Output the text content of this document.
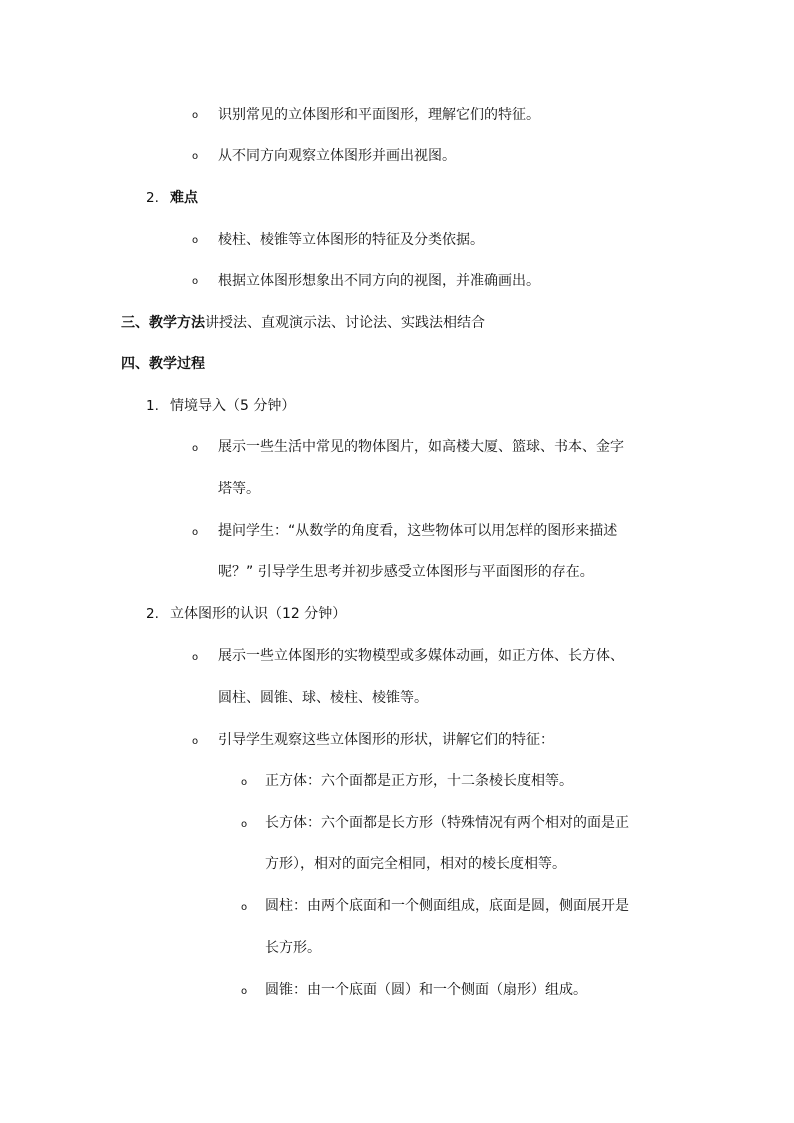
o 识别常见的立体图形和平面图形，理解它们的特征。
o 从不同方向观察立体图形并画出视图。
2. 难点
o 棱柱、棱锥等立体图形的特征及分类依据。
o 根据立体图形想象出不同方向的视图，并准确画出。
三、教学方法讲授法、直观演示法、讨论法、实践法相结合
四、教学过程
1. 情境导入（5 分钟）
o 展示一些生活中常见的物体图片，如高楼大厦、篮球、书本、金字
塔等。
o 提问学生：“从数学的角度看，这些物体可以用怎样的图形来描述
呢？” 引导学生思考并初步感受立体图形与平面图形的存在。
2. 立体图形的认识（12 分钟）
o 展示一些立体图形的实物模型或多媒体动画，如正方体、长方体、
圆柱、圆锥、球、棱柱、棱锥等。
o 引导学生观察这些立体图形的形状，讲解它们的特征：
o 正方体：六个面都是正方形，十二条棱长度相等。
o 长方体：六个面都是长方形（特殊情况有两个相对的面是正
方形），相对的面完全相同，相对的棱长度相等。
o 圆柱：由两个底面和一个侧面组成，底面是圆，侧面展开是
长方形。
o 圆锥：由一个底面（圆）和一个侧面（扇形）组成。
